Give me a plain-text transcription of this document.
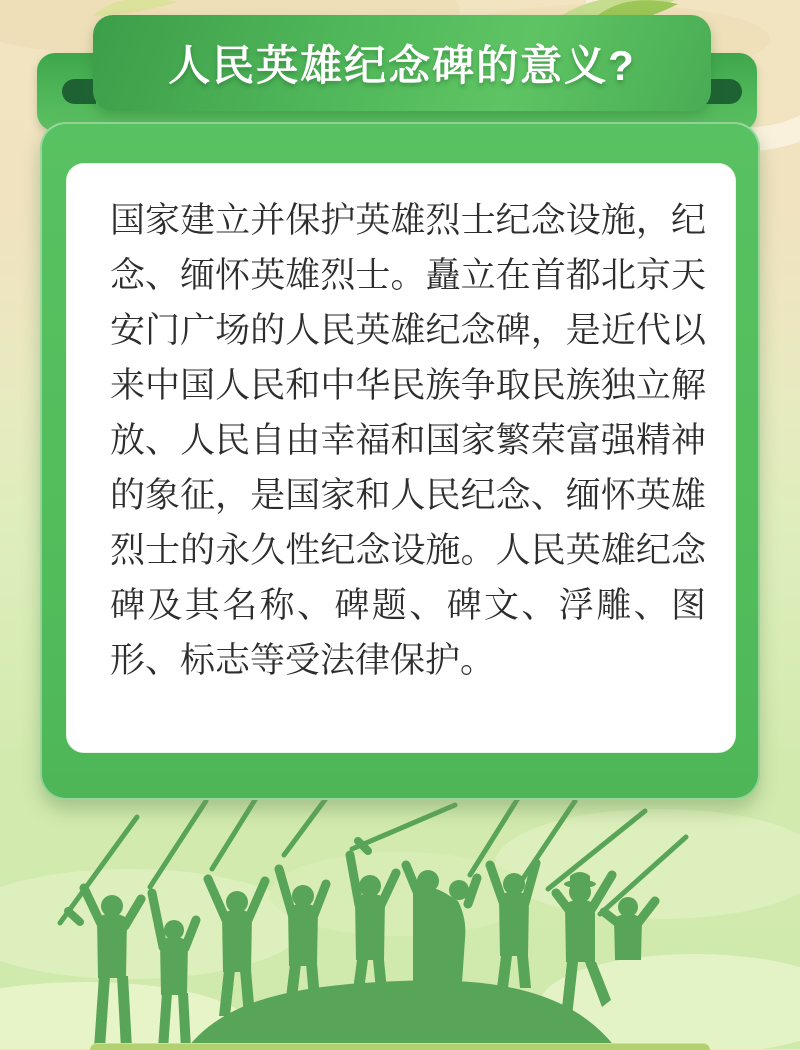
人民英雄纪念碑的意义?

国家建立并保护英雄烈士纪念设施，纪念、缅怀英雄烈士。矗立在首都北京天安门广场的人民英雄纪念碑，是近代以来中国人民和中华民族争取民族独立解放、人民自由幸福和国家繁荣富强精神的象征，是国家和人民纪念、缅怀英雄烈士的永久性纪念设施。人民英雄纪念碑及其名称、碑题、碑文、浮雕、图形、标志等受法律保护。
